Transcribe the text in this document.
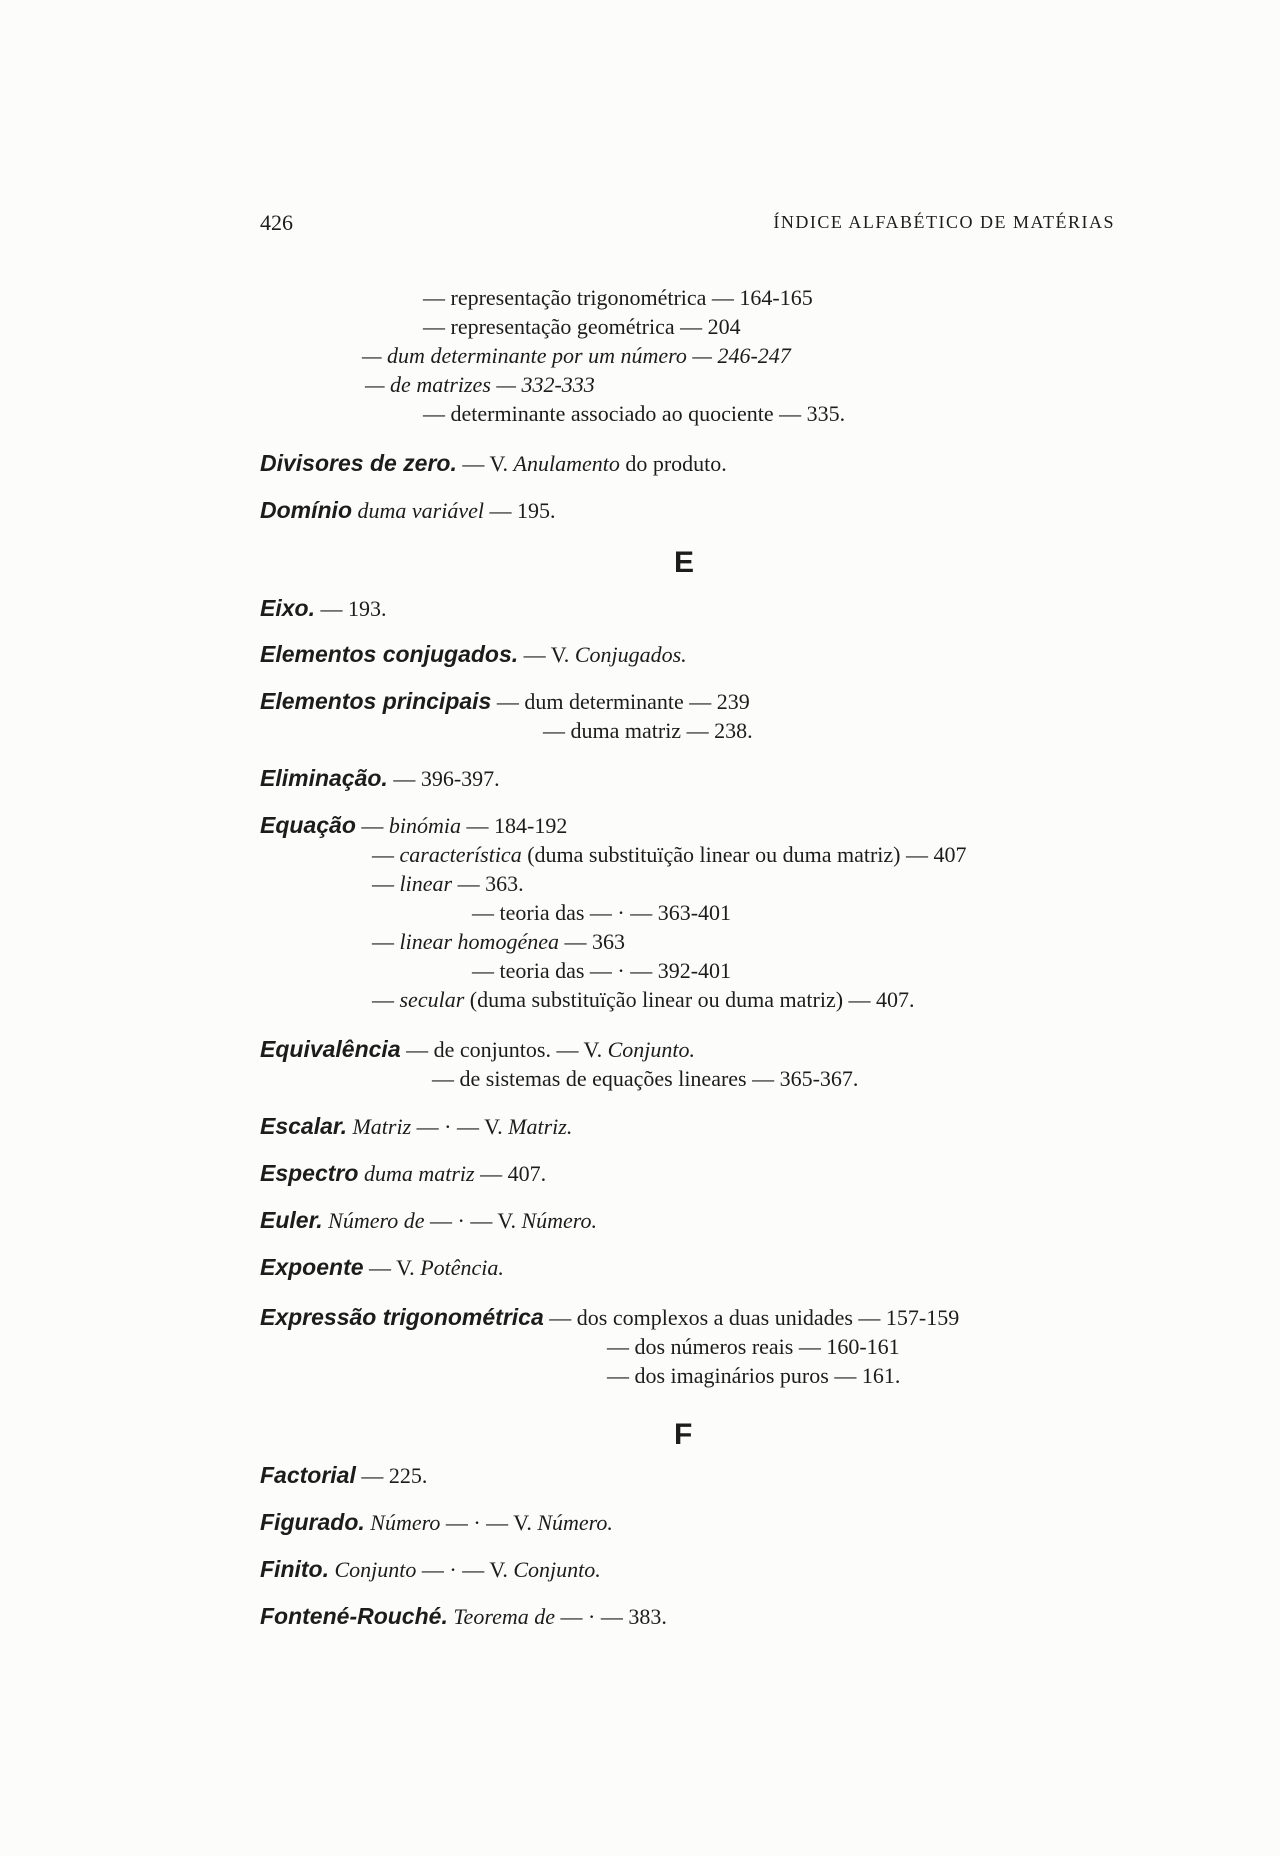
426	ÍNDICE ALFABÉTICO DE MATÉRIAS
— representação trigonométrica — 164-165
— representação geométrica — 204
— dum determinante por um número — 246-247
— de matrizes — 332-333
— determinante associado ao quociente — 335.
Divisores de zero. — V. Anulamento do produto.
Domínio duma variável — 195.
E
Eixo. — 193.
Elementos conjugados. — V. Conjugados.
Elementos principais — dum determinante — 239
— duma matriz — 238.
Eliminação. — 396-397.
Equação — binómia — 184-192
— característica (duma substituïção linear ou duma matriz) — 407
— linear — 363.
— teoria das — · — 363-401
— linear homogénea — 363
— teoria das — · — 392-401
— secular (duma substituïção linear ou duma matriz) — 407.
Equivalência — de conjuntos. — V. Conjunto.
— de sistemas de equações lineares — 365-367.
Escalar. Matriz — · — V. Matriz.
Espectro duma matriz — 407.
Euler. Número de — · — V. Número.
Expoente — V. Potência.
Expressão trigonométrica — dos complexos a duas unidades — 157-159
— dos números reais — 160-161
— dos imaginários puros — 161.
F
Factorial — 225.
Figurado. Número — · — V. Número.
Finito. Conjunto — · — V. Conjunto.
Fontené-Rouché. Teorema de — · — 383.
